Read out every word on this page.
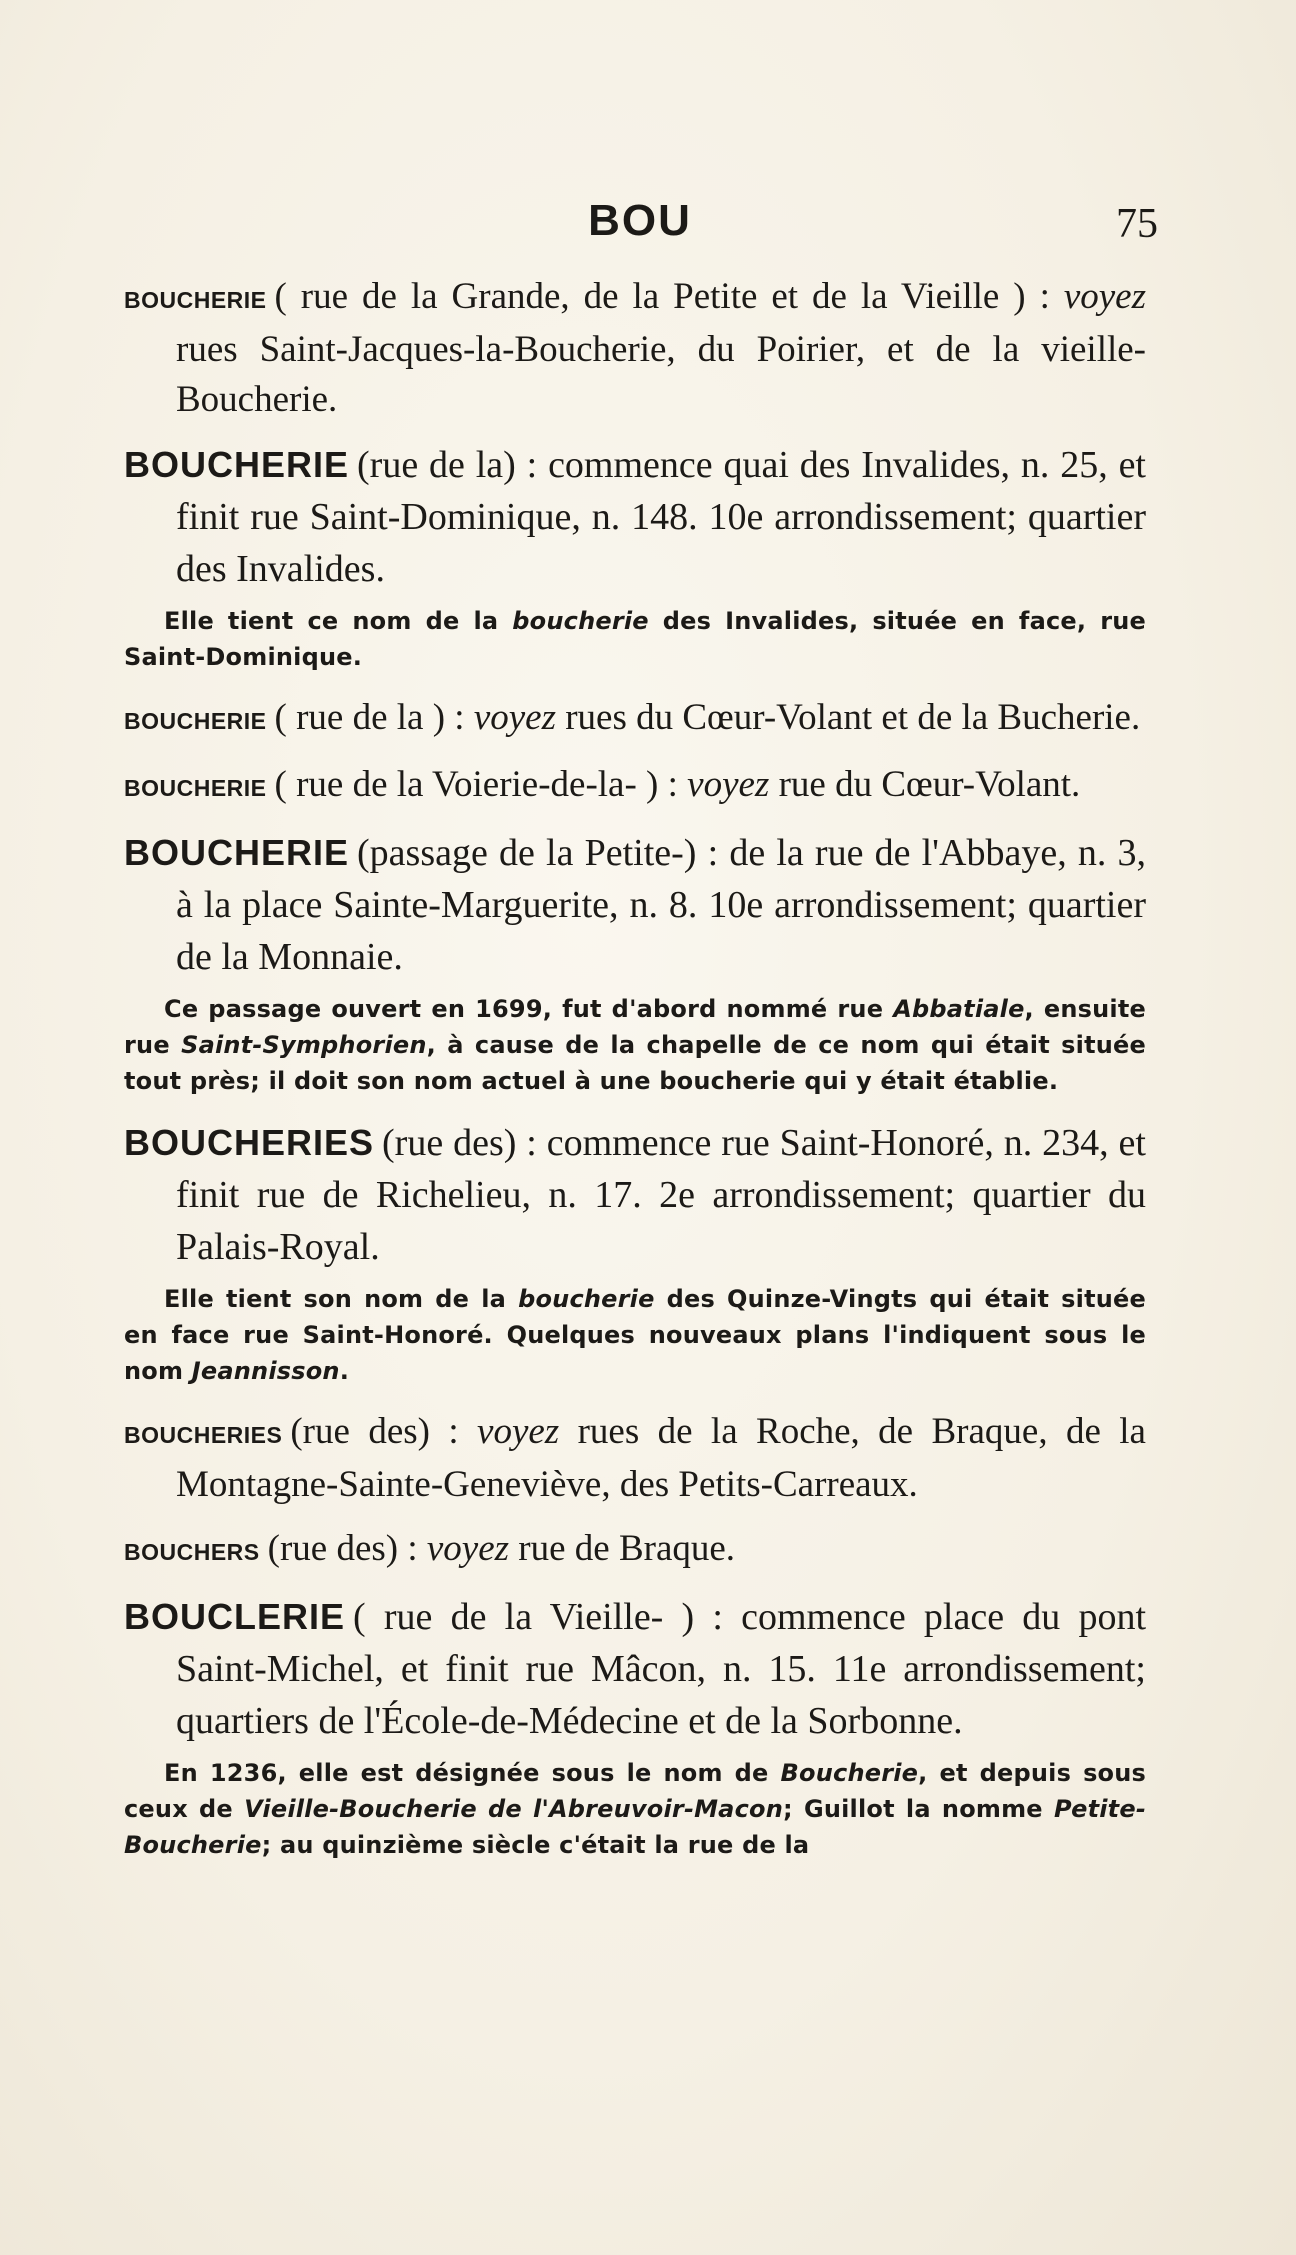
BOU	75
BOUCHERIE ( rue de la Grande, de la Petite et de la Vieille ) : voyez rues Saint-Jacques-la-Boucherie, du Poirier, et de la vieille-Boucherie.
BOUCHERIE (rue de la) : commence quai des Invalides, n. 25, et finit rue Saint-Dominique, n. 148. 10e arrondissement; quartier des Invalides.
Elle tient ce nom de la boucherie des Invalides, située en face, rue Saint-Dominique.
BOUCHERIE ( rue de la ) : voyez rues du Cœur-Volant et de la Bucherie.
BOUCHERIE ( rue de la Voierie-de-la- ) : voyez rue du Cœur-Volant.
BOUCHERIE (passage de la Petite-) : de la rue de l'Abbaye, n. 3, à la place Sainte-Marguerite, n. 8. 10e arrondissement; quartier de la Monnaie.
Ce passage ouvert en 1699, fut d'abord nommé rue Abbatiale, ensuite rue Saint-Symphorien, à cause de la chapelle de ce nom qui était située tout près; il doit son nom actuel à une boucherie qui y était établie.
BOUCHERIES (rue des) : commence rue Saint-Honoré, n. 234, et finit rue de Richelieu, n. 17. 2e arrondissement; quartier du Palais-Royal.
Elle tient son nom de la boucherie des Quinze-Vingts qui était située en face rue Saint-Honoré. Quelques nouveaux plans l'indiquent sous le nom Jeannisson.
BOUCHERIES (rue des) : voyez rues de la Roche, de Braque, de la Montagne-Sainte-Geneviève, des Petits-Carreaux.
BOUCHERS (rue des) : voyez rue de Braque.
BOUCLERIE ( rue de la Vieille- ) : commence place du pont Saint-Michel, et finit rue Mâcon, n. 15. 11e arrondissement; quartiers de l'École-de-Médecine et de la Sorbonne.
En 1236, elle est désignée sous le nom de Boucherie, et depuis sous ceux de Vieille-Boucherie de l'Abreuvoir-Macon; Guillot la nomme Petite-Boucherie; au quinzième siècle c'était la rue de la
